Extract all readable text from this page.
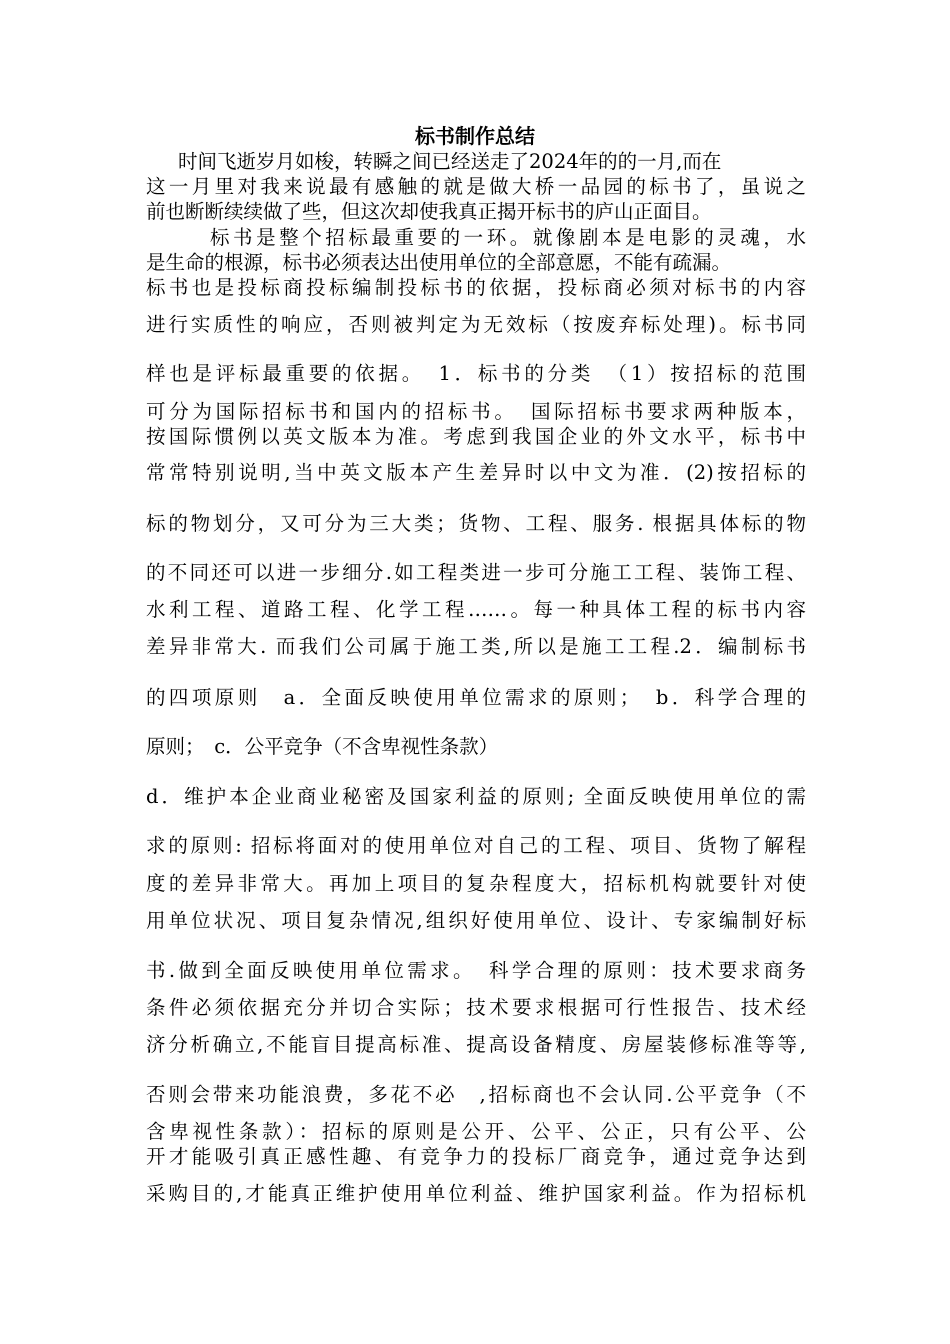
标书制作总结
时间飞逝岁月如梭，转瞬之间已经送走了2024年的的一月,而在
这一月里对我来说最有感触的就是做大桥一品园的标书了，虽说之
前也断断续续做了些，但这次却使我真正揭开标书的庐山正面目。
标书是整个招标最重要的一环。就像剧本是电影的灵魂，水
是生命的根源，标书必须表达出使用单位的全部意愿，不能有疏漏。
标书也是投标商投标编制投标书的依据，投标商必须对标书的内容
进行实质性的响应，否则被判定为无效标（按废弃标处理)。标书同
样也是评标最重要的依据。　1．标书的分类　（1）按招标的范围
可分为国际招标书和国内的招标书。　国际招标书要求两种版本，
按国际惯例以英文版本为准。考虑到我国企业的外文水平，标书中
常常特别说明,当中英文版本产生差异时以中文为准．(2)按招标的
标的物划分，又可分为三大类；货物、工程、服务. 根据具体标的物
的不同还可以进一步细分.如工程类进一步可分施工工程、装饰工程、
水利工程、道路工程、化学工程……。每一种具体工程的标书内容
差异非常大. 而我们公司属于施工类,所以是施工工程.2．编制标书
的四项原则　a．全面反映使用单位需求的原则；　b．科学合理的
原则；　c．公平竞争（不含卑视性条款）
d．维护本企业商业秘密及国家利益的原则; 全面反映使用单位的需
求的原则: 招标将面对的使用单位对自己的工程、项目、货物了解程
度的差异非常大。再加上项目的复杂程度大，招标机构就要针对使
用单位状况、项目复杂情况,组织好使用单位、设计、专家编制好标
书.做到全面反映使用单位需求。　科学合理的原则：技术要求商务
条件必须依据充分并切合实际；技术要求根据可行性报告、技术经
济分析确立,不能盲目提高标准、提高设备精度、房屋装修标准等等,
否则会带来功能浪费，多花不必　,招标商也不会认同.公平竞争（不
含卑视性条款）：招标的原则是公开、公平、公正，只有公平、公
开才能吸引真正感性趣、有竞争力的投标厂商竞争，通过竞争达到
采购目的,才能真正维护使用单位利益、维护国家利益。作为招标机
